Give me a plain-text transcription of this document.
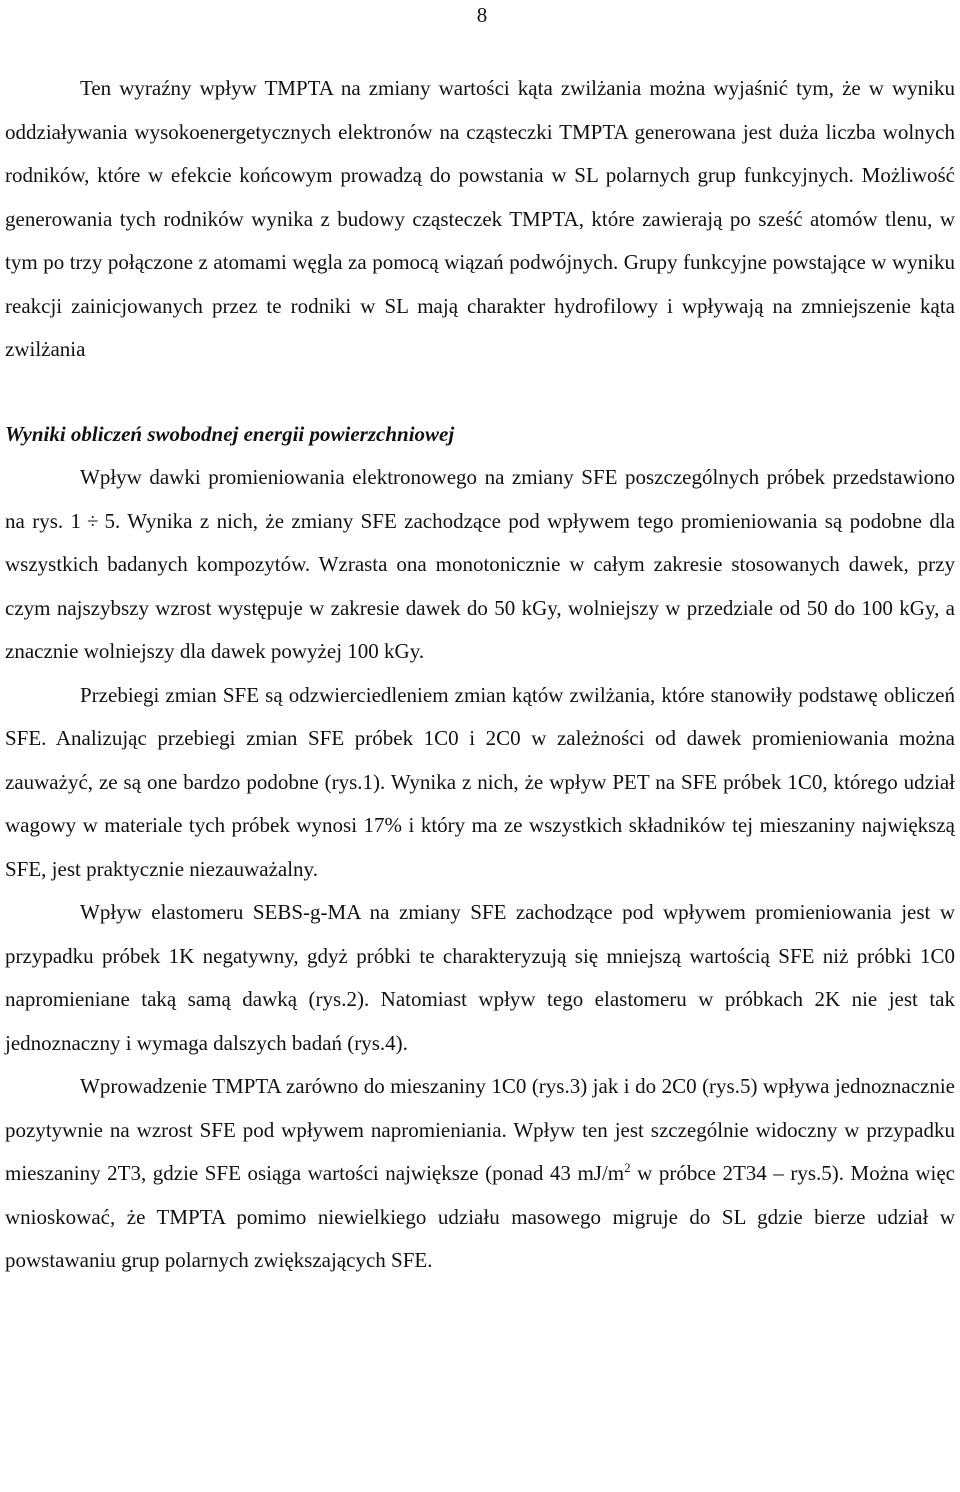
8

Ten wyraźny wpływ TMPTA na zmiany wartości kąta zwilżania można wyjaśnić tym, że w wyniku oddziaływania wysokoenergetycznych elektronów na cząsteczki TMPTA generowana jest duża liczba wolnych rodników, które w efekcie końcowym prowadzą do powstania w SL polarnych grup funkcyjnych. Możliwość generowania tych rodników wynika z budowy cząsteczek TMPTA, które zawierają po sześć atomów tlenu, w tym po trzy połączone z atomami węgla za pomocą wiązań podwójnych. Grupy funkcyjne powstające w wyniku reakcji zainicjowanych przez te rodniki w SL mają charakter hydrofilowy i wpływają na zmniejszenie kąta zwilżania

Wyniki obliczeń swobodnej energii powierzchniowej

Wpływ dawki promieniowania elektronowego na zmiany SFE poszczególnych próbek przedstawiono na rys. 1 ÷ 5. Wynika z nich, że zmiany SFE zachodzące pod wpływem tego promieniowania są podobne dla wszystkich badanych kompozytów. Wzrasta ona monotonicznie w całym zakresie stosowanych dawek, przy czym najszybszy wzrost występuje w zakresie dawek do 50 kGy, wolniejszy w przedziale od 50 do 100 kGy, a znacznie wolniejszy dla dawek powyżej 100 kGy.

Przebiegi zmian SFE są odzwierciedleniem zmian kątów zwilżania, które stanowiły podstawę obliczeń SFE. Analizując przebiegi zmian SFE próbek 1C0 i 2C0 w zależności od dawek promieniowania można zauważyć, ze są one bardzo podobne (rys.1). Wynika z nich, że wpływ PET na SFE próbek 1C0, którego udział wagowy w materiale tych próbek wynosi 17% i który ma ze wszystkich składników tej mieszaniny największą SFE, jest praktycznie niezauważalny.

Wpływ elastomeru SEBS-g-MA na zmiany SFE zachodzące pod wpływem promieniowania jest w przypadku próbek 1K negatywny, gdyż próbki te charakteryzują się mniejszą wartością SFE niż próbki 1C0 napromieniane taką samą dawką (rys.2). Natomiast wpływ tego elastomeru w próbkach 2K nie jest tak jednoznaczny i wymaga dalszych badań (rys.4).

Wprowadzenie TMPTA zarówno do mieszaniny 1C0 (rys.3) jak i do 2C0 (rys.5) wpływa jednoznacznie pozytywnie na wzrost SFE pod wpływem napromieniania. Wpływ ten jest szczególnie widoczny w przypadku mieszaniny 2T3, gdzie SFE osiąga wartości największe (ponad 43 $mJ/m^2$ w próbce 2T34 – rys.5). Można więc wnioskować, że TMPTA pomimo niewielkiego udziału masowego migruje do SL gdzie bierze udział w powstawaniu grup polarnych zwiększających SFE.
